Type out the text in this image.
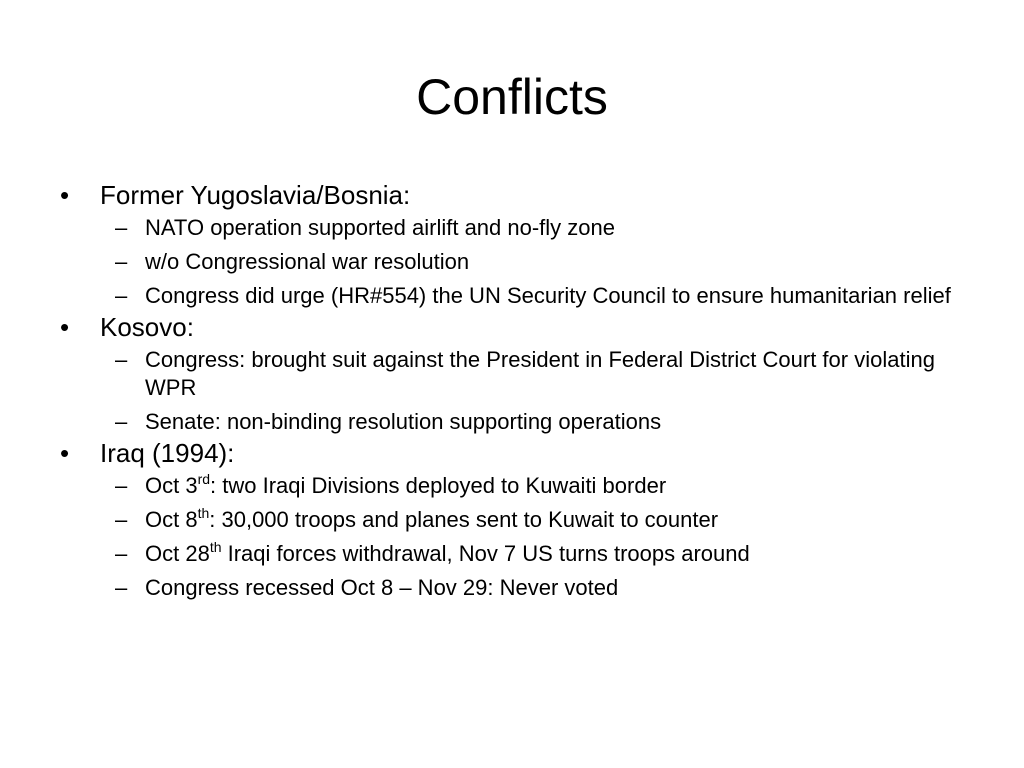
Conflicts
•	Former Yugoslavia/Bosnia:
– NATO operation supported airlift and no-fly zone
– w/o Congressional war resolution
– Congress did urge (HR#554) the UN Security Council to ensure humanitarian relief
•	Kosovo:
– Congress: brought suit against the President in Federal District Court for violating WPR
– Senate: non-binding resolution supporting operations
•	Iraq (1994):
– Oct 3rd: two Iraqi Divisions deployed to Kuwaiti border
– Oct 8th: 30,000 troops and planes sent to Kuwait to counter
– Oct 28th Iraqi forces withdrawal, Nov 7 US turns troops around
– Congress recessed Oct 8 – Nov 29: Never voted
